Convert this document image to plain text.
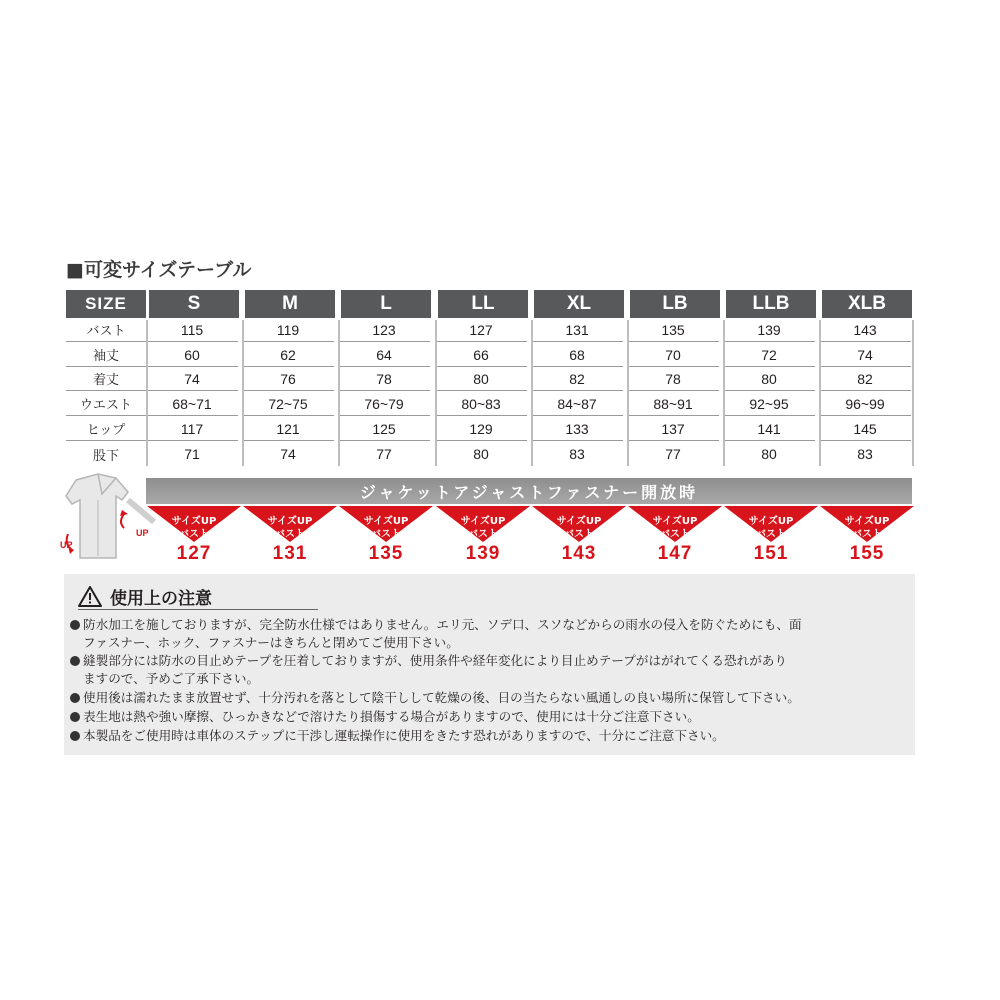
■可変サイズテーブル
SIZE	S	M	L	LL	XL	LB	LLB	XLB
バスト	115	119	123	127	131	135	139	143
袖丈	60	62	64	66	68	70	72	74
着丈	74	76	78	80	82	78	80	82
ウエスト	68~71	72~75	76~79	80~83	84~87	88~91	92~95	96~99
ヒップ	117	121	125	129	133	137	141	145
股下	71	74	77	80	83	77	80	83
UP
UP
ジャケットアジャストファスナー開放時
サイズUP
バスト
127
サイズUP
バスト
131
サイズUP
バスト
135
サイズUP
バスト
139
サイズUP
バスト
143
サイズUP
バスト
147
サイズUP
バスト
151
サイズUP
バスト
155
使用上の注意
防水加工を施しておりますが、完全防水仕様ではありません。エリ元、ソデ口、スソなどからの雨水の侵入を防ぐためにも、面
ファスナー、ホック、ファスナーはきちんと閉めてご使用下さい。
縫製部分には防水の目止めテープを圧着しておりますが、使用条件や経年変化により目止めテープがはがれてくる恐れがあり
ますので、予めご了承下さい。
使用後は濡れたまま放置せず、十分汚れを落として陰干しして乾燥の後、日の当たらない風通しの良い場所に保管して下さい。
表生地は熱や強い摩擦、ひっかきなどで溶けたり損傷する場合がありますので、使用には十分ご注意下さい。
本製品をご使用時は車体のステップに干渉し運転操作に使用をきたす恐れがありますので、十分にご注意下さい。
